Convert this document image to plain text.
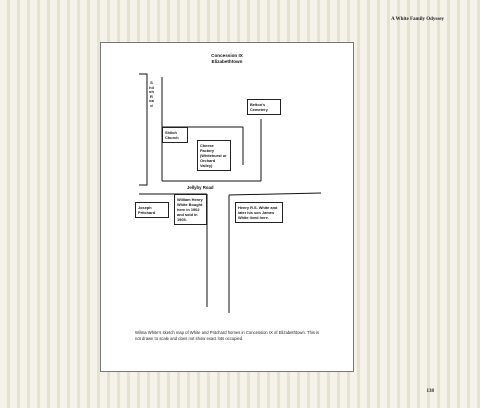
A White Family Odyssey
Concession IX
Elizabethtown
Shiloh Road	Belton's Cemetery
Shiloh Church
Cheese Factory (Whitehurst or Orchard Valley)
Jellyby Road
Joseph Pritchard
William Henry White Bought here in 1902 and sold in 1905.
Henry R.S. White and later his son James White lived here.
Wilma White's sketch map of White and Pritchard homes in Concession IX of Elizabethtown. This is not drawn to scale and does not show exact lots occupied.
138
